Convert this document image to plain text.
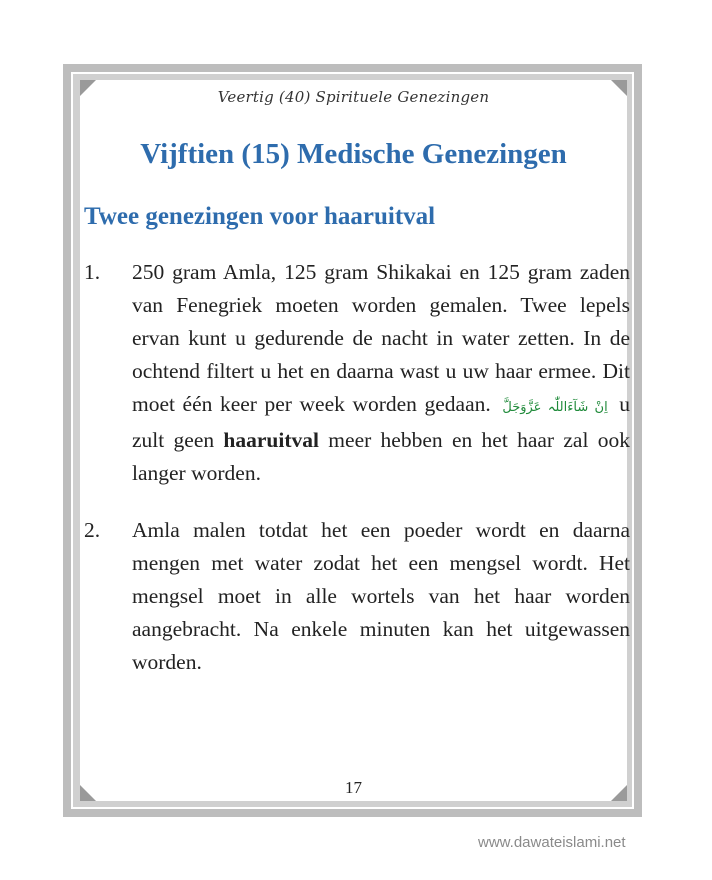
Veertig (40) Spirituele Genezingen
Vijftien (15) Medische Genezingen
Twee genezingen voor haaruitval
1.	250 gram Amla, 125 gram Shikakai en 125 gram zaden van Fenegriek moeten worden gemalen. Twee lepels ervan kunt u gedurende de nacht in water zetten. In de ochtend filtert u het en daarna wast u uw haar ermee. Dit moet één keer per week worden gedaan. اِنْ شَآءَاللّٰہ عَزَّوَجَلَّ u zult geen haaruitval meer hebben en het haar zal ook langer worden.
2.	Amla malen totdat het een poeder wordt en daarna mengen met water zodat het een mengsel wordt. Het mengsel moet in alle wortels van het haar worden aangebracht. Na enkele minuten kan het uitgewassen worden.
17
www.dawateislami.net
